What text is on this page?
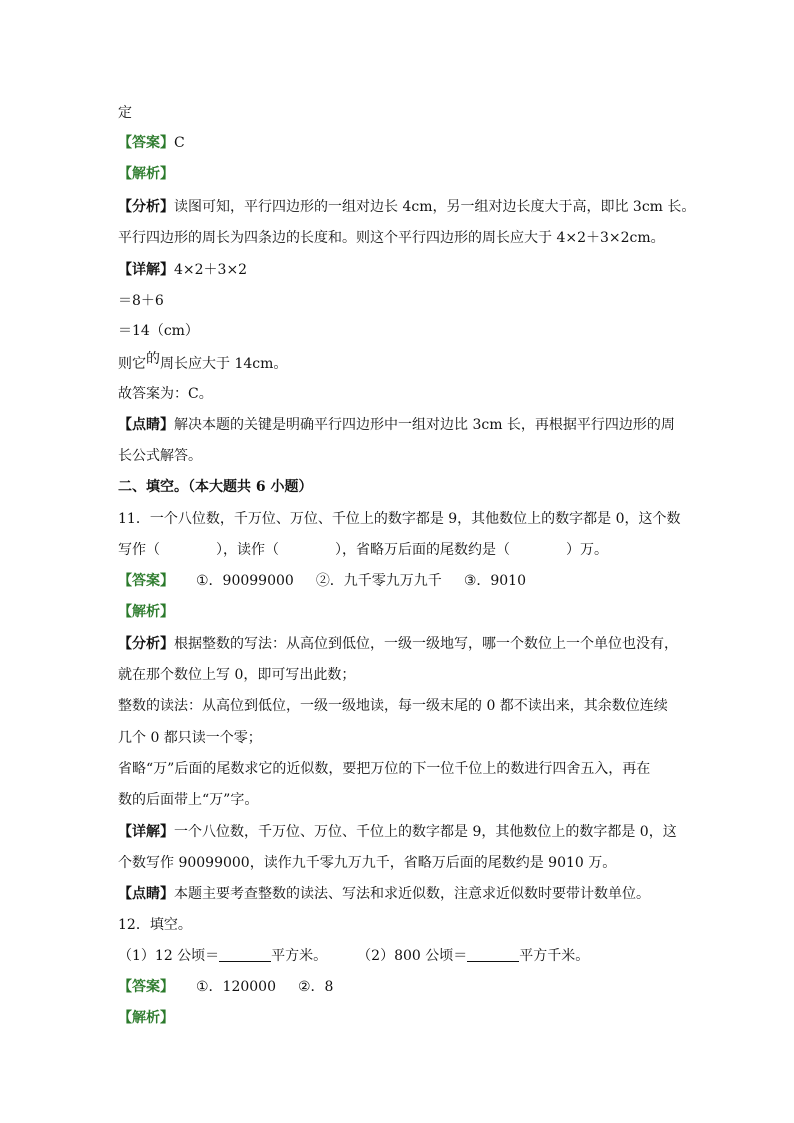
定
【答案】C
【解析】
【分析】读图可知，平行四边形的一组对边长 4cm，另一组对边长度大于高，即比 3cm 长。
平行四边形的周长为四条边的长度和。则这个平行四边形的周长应大于 4×2＋3×2cm。
【详解】4×2＋3×2
＝8＋6
＝14（cm）
则它的周长应大于 14cm。
故答案为：C。
【点睛】解决本题的关键是明确平行四边形中一组对边比 3cm 长，再根据平行四边形的周
长公式解答。
二、填空。（本大题共 6 小题）
11．一个八位数，千万位、万位、千位上的数字都是 9，其他数位上的数字都是 0，这个数
写作（　　　　），读作（　　　　），省略万后面的尾数约是（　　　　）万。
【答案】 ①．90099000 ②．九千零九万九千 ③．9010
【解析】
【分析】根据整数的写法：从高位到低位，一级一级地写，哪一个数位上一个单位也没有，
就在那个数位上写 0，即可写出此数；
整数的读法：从高位到低位，一级一级地读，每一级末尾的 0 都不读出来，其余数位连续
几个 0 都只读一个零；
省略“万”后面的尾数求它的近似数，要把万位的下一位千位上的数进行四舍五入，再在
数的后面带上“万”字。
【详解】一个八位数，千万位、万位、千位上的数字都是 9，其他数位上的数字都是 0，这
个数写作 90099000，读作九千零九万九千，省略万后面的尾数约是 9010 万。
【点睛】本题主要考查整数的读法、写法和求近似数，注意求近似数时要带计数单位。
12．填空。
（1）12 公顷＝	平方米。 （2）800 公顷＝	平方千米。
【答案】 ①．120000 ②．8
【解析】
